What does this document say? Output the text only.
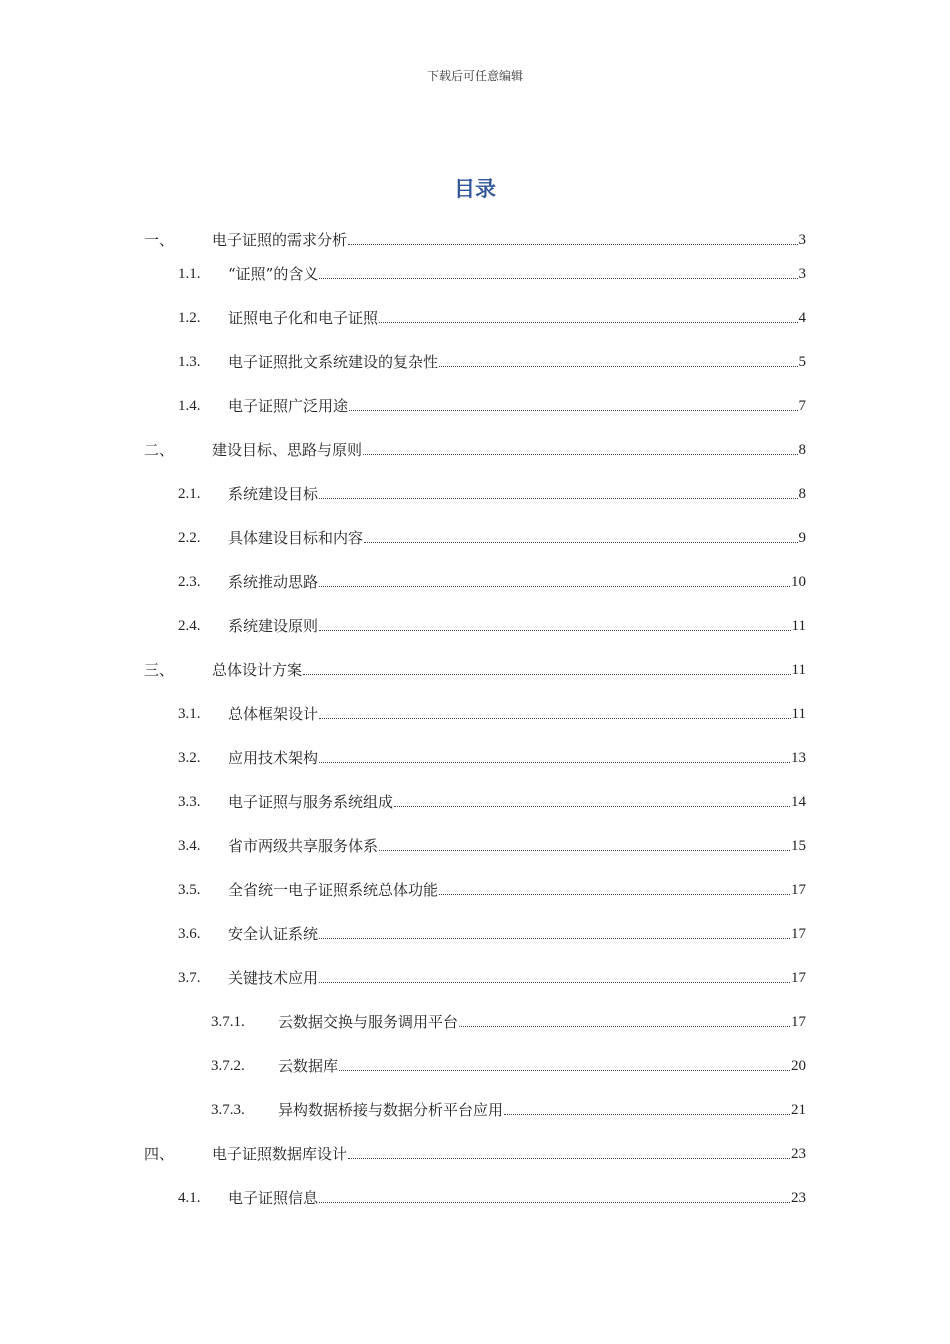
下载后可任意编辑
目录
一、	电子证照的需求分析	3
1.1.	“证照”的含义	3
1.2.	证照电子化和电子证照	4
1.3.	电子证照批文系统建设的复杂性	5
1.4.	电子证照广泛用途	7
二、	建设目标、思路与原则	8
2.1.	系统建设目标	8
2.2.	具体建设目标和内容	9
2.3.	系统推动思路	10
2.4.	系统建设原则	11
三、	总体设计方案	11
3.1.	总体框架设计	11
3.2.	应用技术架构	13
3.3.	电子证照与服务系统组成	14
3.4.	省市两级共享服务体系	15
3.5.	全省统一电子证照系统总体功能	17
3.6.	安全认证系统	17
3.7.	关键技术应用	17
3.7.1.	云数据交换与服务调用平台	17
3.7.2.	云数据库	20
3.7.3.	异构数据桥接与数据分析平台应用	21
四、	电子证照数据库设计	23
4.1.	电子证照信息	23
